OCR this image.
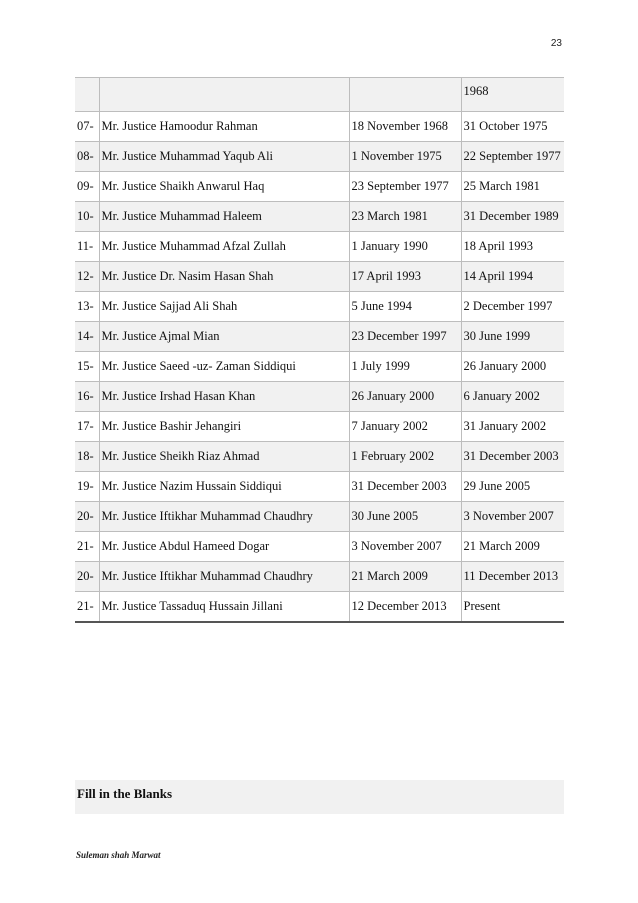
23
			1968
07-	Mr. Justice Hamoodur Rahman	18 November 1968	31 October 1975
08-	Mr. Justice Muhammad Yaqub Ali	1 November 1975	22 September 1977
09-	Mr. Justice Shaikh Anwarul Haq	23 September 1977	25 March 1981
10-	Mr. Justice Muhammad Haleem	23 March 1981	31 December 1989
11-	Mr. Justice Muhammad Afzal Zullah	1 January 1990	18 April 1993
12-	Mr. Justice Dr. Nasim Hasan Shah	17 April 1993	14 April 1994
13-	Mr. Justice Sajjad Ali Shah	5 June 1994	2 December 1997
14-	Mr. Justice Ajmal Mian	23 December 1997	30 June 1999
15-	Mr. Justice Saeed -uz- Zaman Siddiqui	1 July 1999	26 January 2000
16-	Mr. Justice Irshad Hasan Khan	26 January 2000	6 January 2002
17-	Mr. Justice Bashir Jehangiri	7 January 2002	31 January 2002
18-	Mr. Justice Sheikh Riaz Ahmad	1 February 2002	31 December 2003
19-	Mr. Justice Nazim Hussain Siddiqui	31 December 2003	29 June 2005
20-	Mr. Justice Iftikhar Muhammad Chaudhry	30 June 2005	3 November 2007
21-	Mr. Justice Abdul Hameed Dogar	3 November 2007	21 March 2009
20-	Mr. Justice Iftikhar Muhammad Chaudhry	21 March 2009	11 December 2013
21-	Mr. Justice Tassaduq Hussain Jillani	12 December 2013	Present
Fill in the Blanks
Suleman shah Marwat
